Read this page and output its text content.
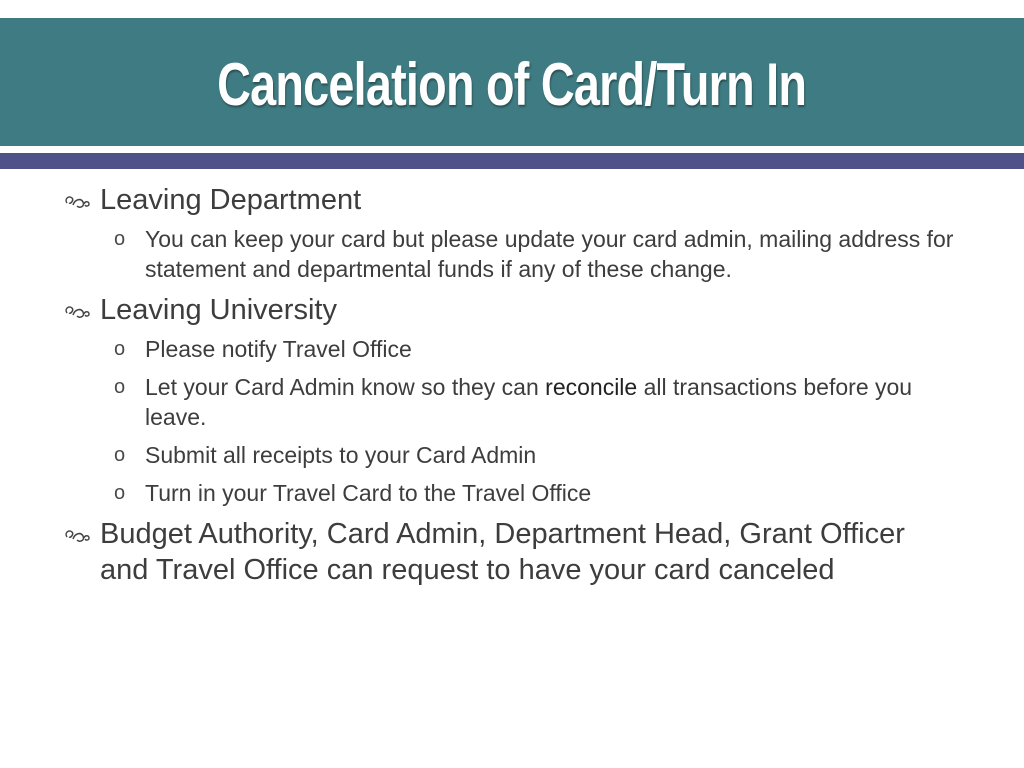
Cancelation of Card/Turn In
Leaving Department
o You can keep your card but please update your card admin, mailing address for statement and departmental funds if any of these change.
Leaving University
o Please notify Travel Office
o Let your Card Admin know so they can reconcile all transactions before you leave.
o Submit all receipts to your Card Admin
o Turn in your Travel Card to the Travel Office
Budget Authority, Card Admin, Department Head, Grant Officer and Travel Office can request to have your card canceled
